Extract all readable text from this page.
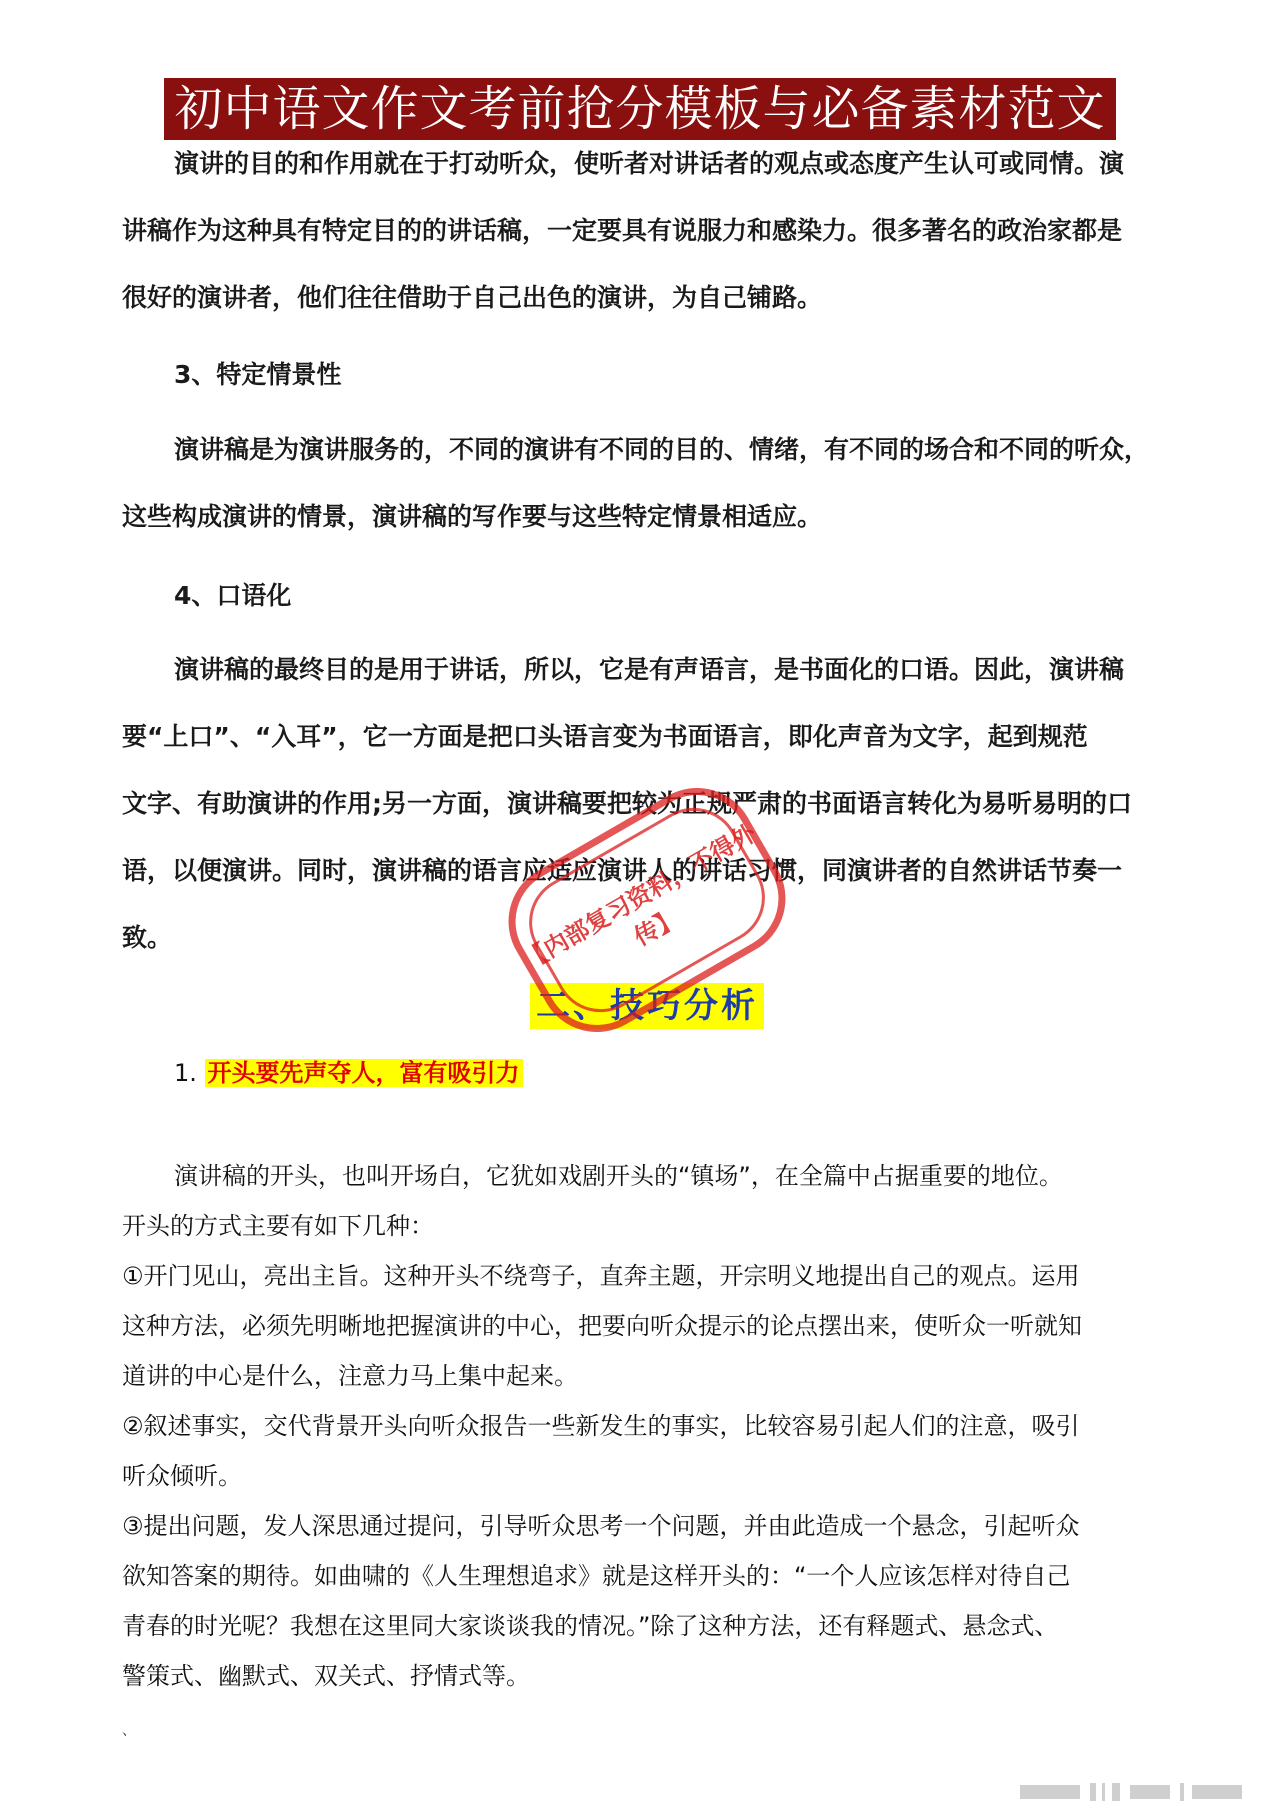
初中语文作文考前抢分模板与必备素材范文
演讲的目的和作用就在于打动听众，使听者对讲话者的观点或态度产生认可或同情。演
讲稿作为这种具有特定目的的讲话稿，一定要具有说服力和感染力。很多著名的政治家都是
很好的演讲者，他们往往借助于自己出色的演讲，为自己铺路。
3、特定情景性
演讲稿是为演讲服务的，不同的演讲有不同的目的、情绪，有不同的场合和不同的听众，
这些构成演讲的情景，演讲稿的写作要与这些特定情景相适应。
4、口语化
演讲稿的最终目的是用于讲话，所以，它是有声语言，是书面化的口语。因此，演讲稿
要“上口”、“入耳”，它一方面是把口头语言变为书面语言，即化声音为文字，起到规范
文字、有助演讲的作用;另一方面，演讲稿要把较为正规严肃的书面语言转化为易听易明的口
语，以便演讲。同时，演讲稿的语言应适应演讲人的讲话习惯，同演讲者的自然讲话节奏一
致。
二、技巧分析
1. 开头要先声夺人，富有吸引力
演讲稿的开头，也叫开场白，它犹如戏剧开头的“镇场”，在全篇中占据重要的地位。
开头的方式主要有如下几种：
①开门见山，亮出主旨。这种开头不绕弯子，直奔主题，开宗明义地提出自己的观点。运用
这种方法，必须先明晰地把握演讲的中心，把要向听众提示的论点摆出来，使听众一听就知
道讲的中心是什么，注意力马上集中起来。
②叙述事实，交代背景开头向听众报告一些新发生的事实，比较容易引起人们的注意，吸引
听众倾听。
③提出问题，发人深思通过提问，引导听众思考一个问题，并由此造成一个悬念，引起听众
欲知答案的期待。如曲啸的《人生理想追求》就是这样开头的：“一个人应该怎样对待自己
青春的时光呢？我想在这里同大家谈谈我的情况。”除了这种方法，还有释题式、悬念式、
警策式、幽默式、双关式、抒情式等。
、
【内部复习资料，不得外传】
